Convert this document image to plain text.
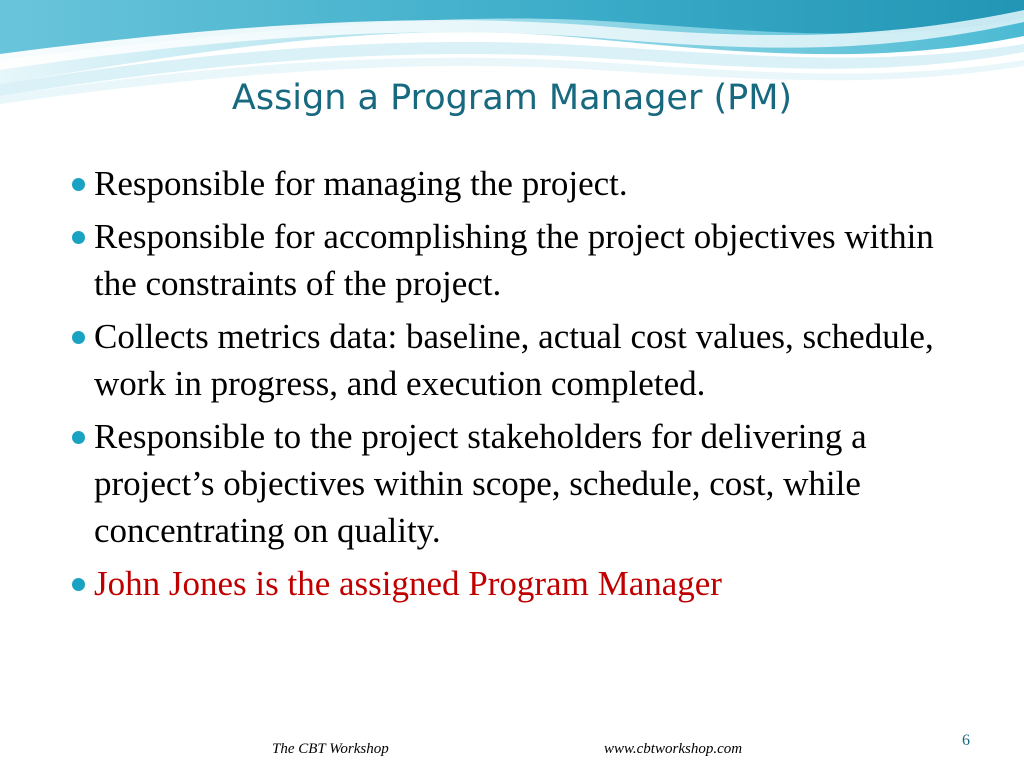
Assign a Program Manager (PM)
Responsible for managing the project.
Responsible for accomplishing the project objectives within the constraints of the project.
Collects metrics data: baseline, actual cost values, schedule, work in progress, and execution completed.
Responsible to the project stakeholders for delivering a project’s objectives within scope, schedule, cost, while concentrating on quality.
John Jones is the assigned Program Manager
The CBT Workshop	www.cbtworkshop.com	6
